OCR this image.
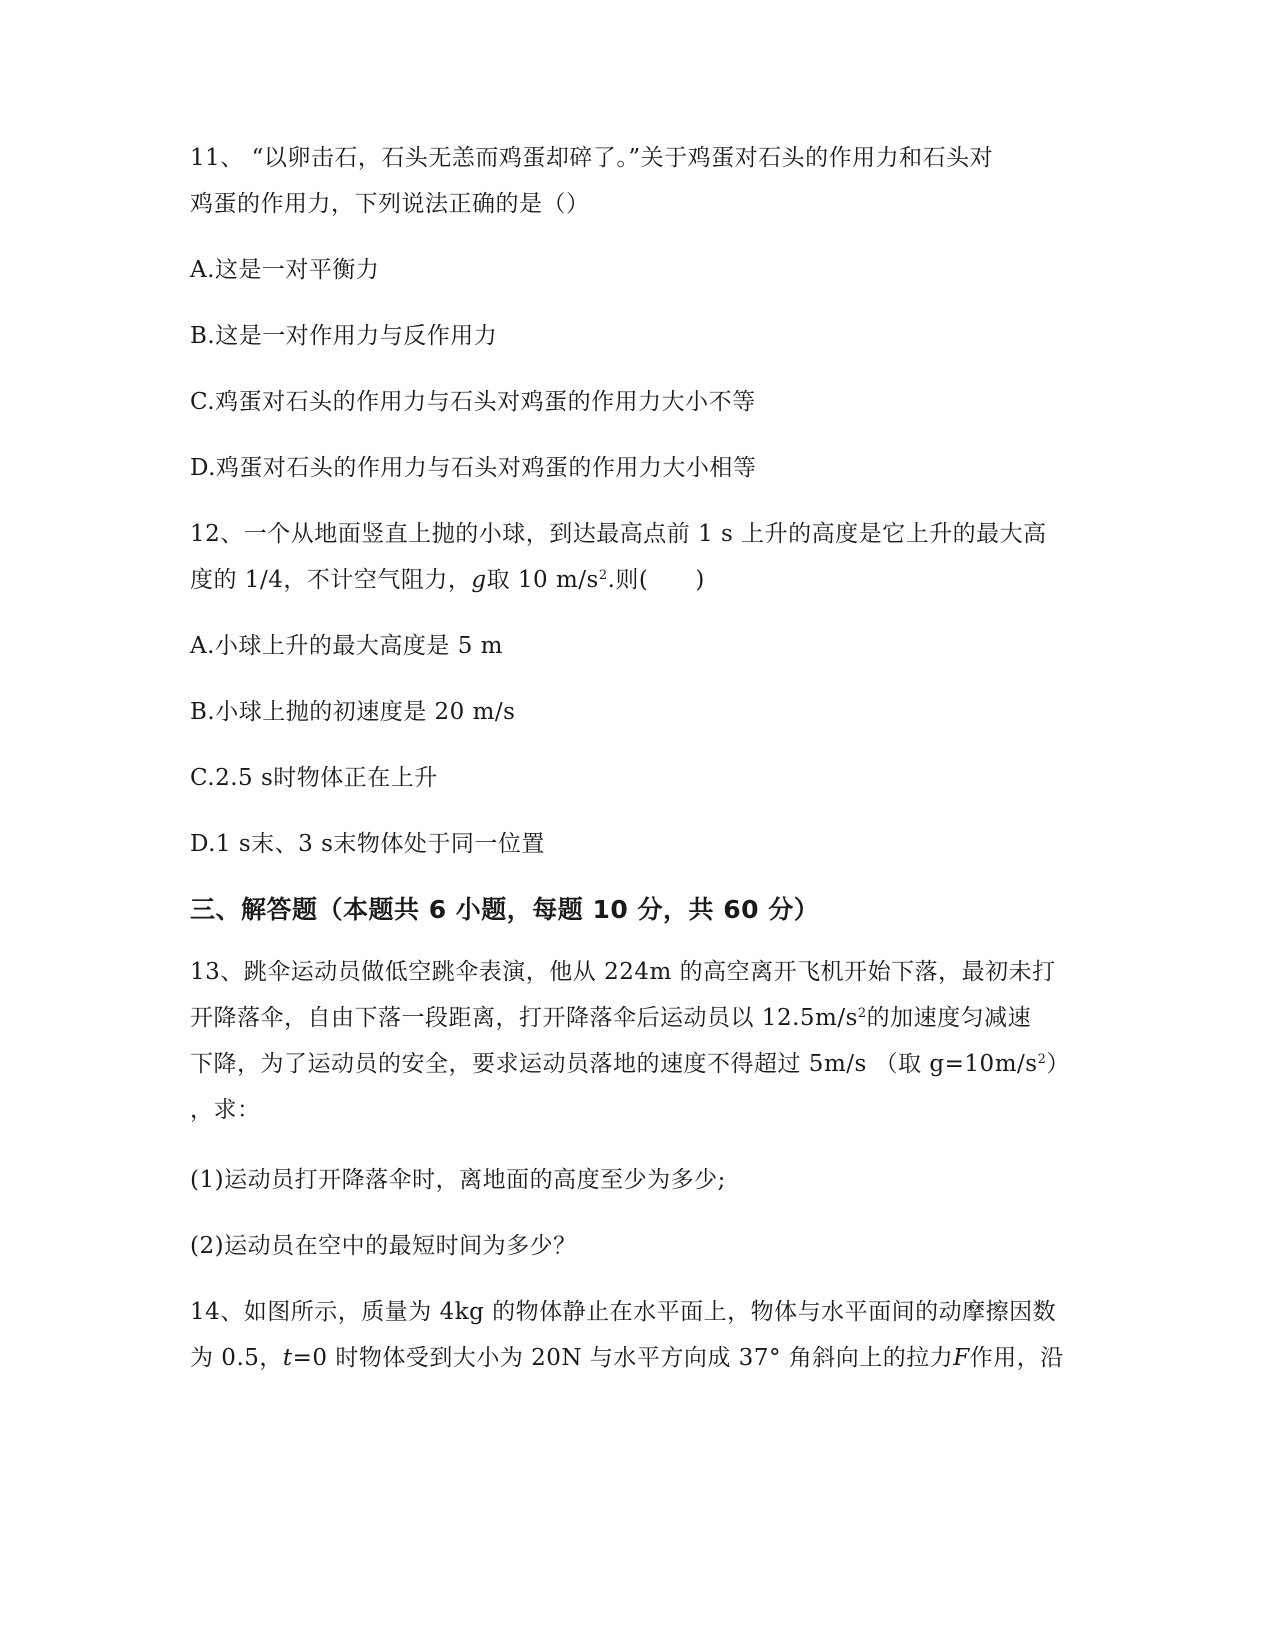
11、 “以卵击石，石头无恙而鸡蛋却碎了。”关于鸡蛋对石头的作用力和石头对
鸡蛋的作用力，下列说法正确的是（）
A.这是一对平衡力
B.这是一对作用力与反作用力
C.鸡蛋对石头的作用力与石头对鸡蛋的作用力大小不等
D.鸡蛋对石头的作用力与石头对鸡蛋的作用力大小相等
12、一个从地面竖直上抛的小球，到达最高点前 1 s 上升的高度是它上升的最大高
度的 1/4，不计空气阻力，g取 10 $m/s^2$.则(　　)
A.小球上升的最大高度是 5 m
B.小球上抛的初速度是 20 m/s
C.2.5 s时物体正在上升
D.1 s末、3 s末物体处于同一位置
三、解答题（本题共 6 小题，每题 10 分，共 60 分）
13、跳伞运动员做低空跳伞表演，他从 224m 的高空离开飞机开始下落，最初未打
开降落伞，自由下落一段距离，打开降落伞后运动员以 $12.5m/s^2$的加速度匀减速
下降，为了运动员的安全，要求运动员落地的速度不得超过 5m/s （取 $g=10m/s^2$）
，求：
(1)运动员打开降落伞时，离地面的高度至少为多少;
(2)运动员在空中的最短时间为多少？
14、如图所示，质量为 4kg 的物体静止在水平面上，物体与水平面间的动摩擦因数
为 0.5，t=0 时物体受到大小为 20N 与水平方向成 37° 角斜向上的拉力F作用，沿
